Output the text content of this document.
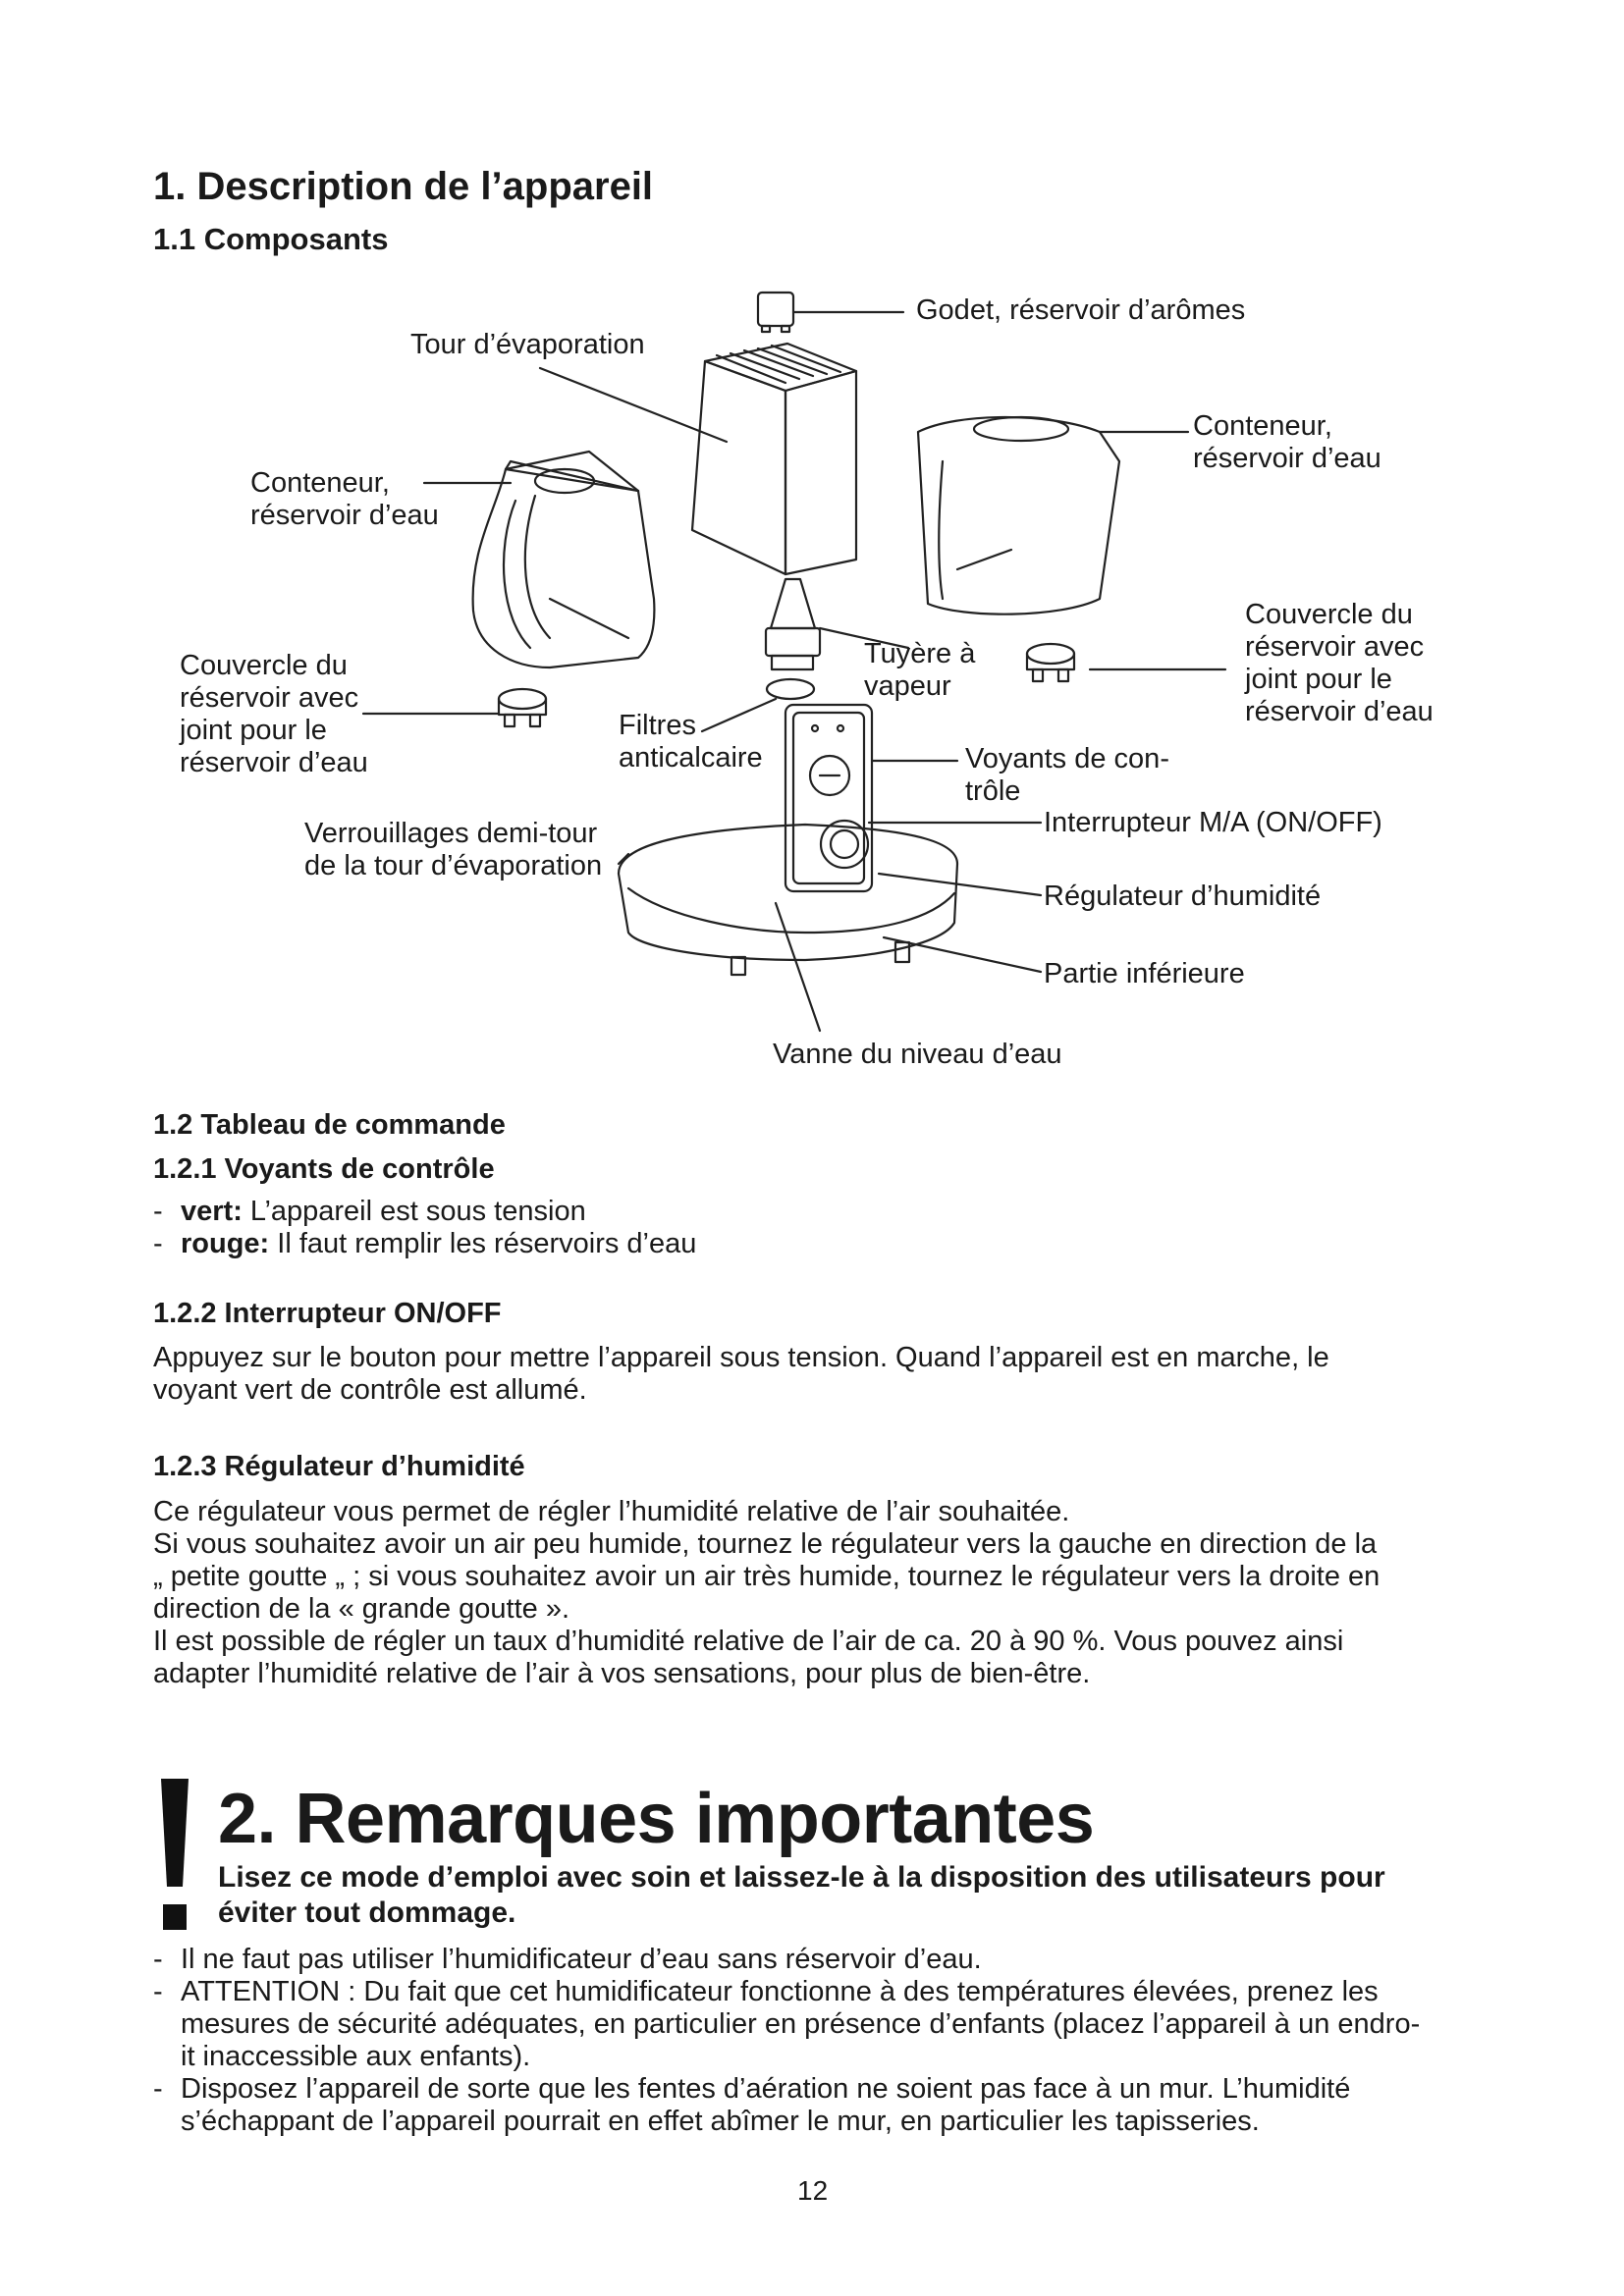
1. Description de l’appareil
1.1 Composants
Godet, réservoir d’arômes
Tour d’évaporation
Conteneur,
réservoir d’eau
Conteneur,
réservoir d’eau
Couvercle du
réservoir avec
joint pour le
réservoir d’eau
Couvercle du
réservoir avec
joint pour le
réservoir d’eau
Tuyère à
vapeur
Filtres
anticalcaire	Voyants de con-
trôle
Verrouillages demi-tour
de la tour d’évaporation
Interrupteur M/A (ON/OFF)
Régulateur d’humidité
Partie inférieure
Vanne du niveau d’eau
1.2 Tableau de commande
1.2.1 Voyants de contrôle
- vert: L’appareil est sous tension
- rouge: Il faut remplir les réservoirs d’eau
1.2.2 Interrupteur ON/OFF
Appuyez sur le bouton pour mettre l’appareil sous tension. Quand l’appareil est en marche, le
voyant vert de contrôle est allumé.
1.2.3 Régulateur d’humidité
Ce régulateur vous permet de régler l’humidité relative de l’air souhaitée.
Si vous souhaitez avoir un air peu humide, tournez le régulateur vers la gauche en direction de la
„ petite goutte „ ; si vous souhaitez avoir un air très humide, tournez le régulateur vers la droite en
direction de la « grande goutte ».
Il est possible de régler un taux d’humidité relative de l’air de ca. 20 à 90 %. Vous pouvez ainsi
adapter l’humidité relative de l’air à vos sensations, pour plus de bien-être.
2. Remarques importantes
Lisez ce mode d’emploi avec soin et laissez-le à la disposition des utilisateurs pour
éviter tout dommage.
- Il ne faut pas utiliser l’humidificateur d’eau sans réservoir d’eau.
- ATTENTION : Du fait que cet humidificateur fonctionne à des températures élevées, prenez les
mesures de sécurité adéquates, en particulier en présence d’enfants (placez l’appareil à un endro-
it inaccessible aux enfants).
- Disposez l’appareil de sorte que les fentes d’aération ne soient pas face à un mur. L’humidité
s’échappant de l’appareil pourrait en effet abîmer le mur, en particulier les tapisseries.
12
